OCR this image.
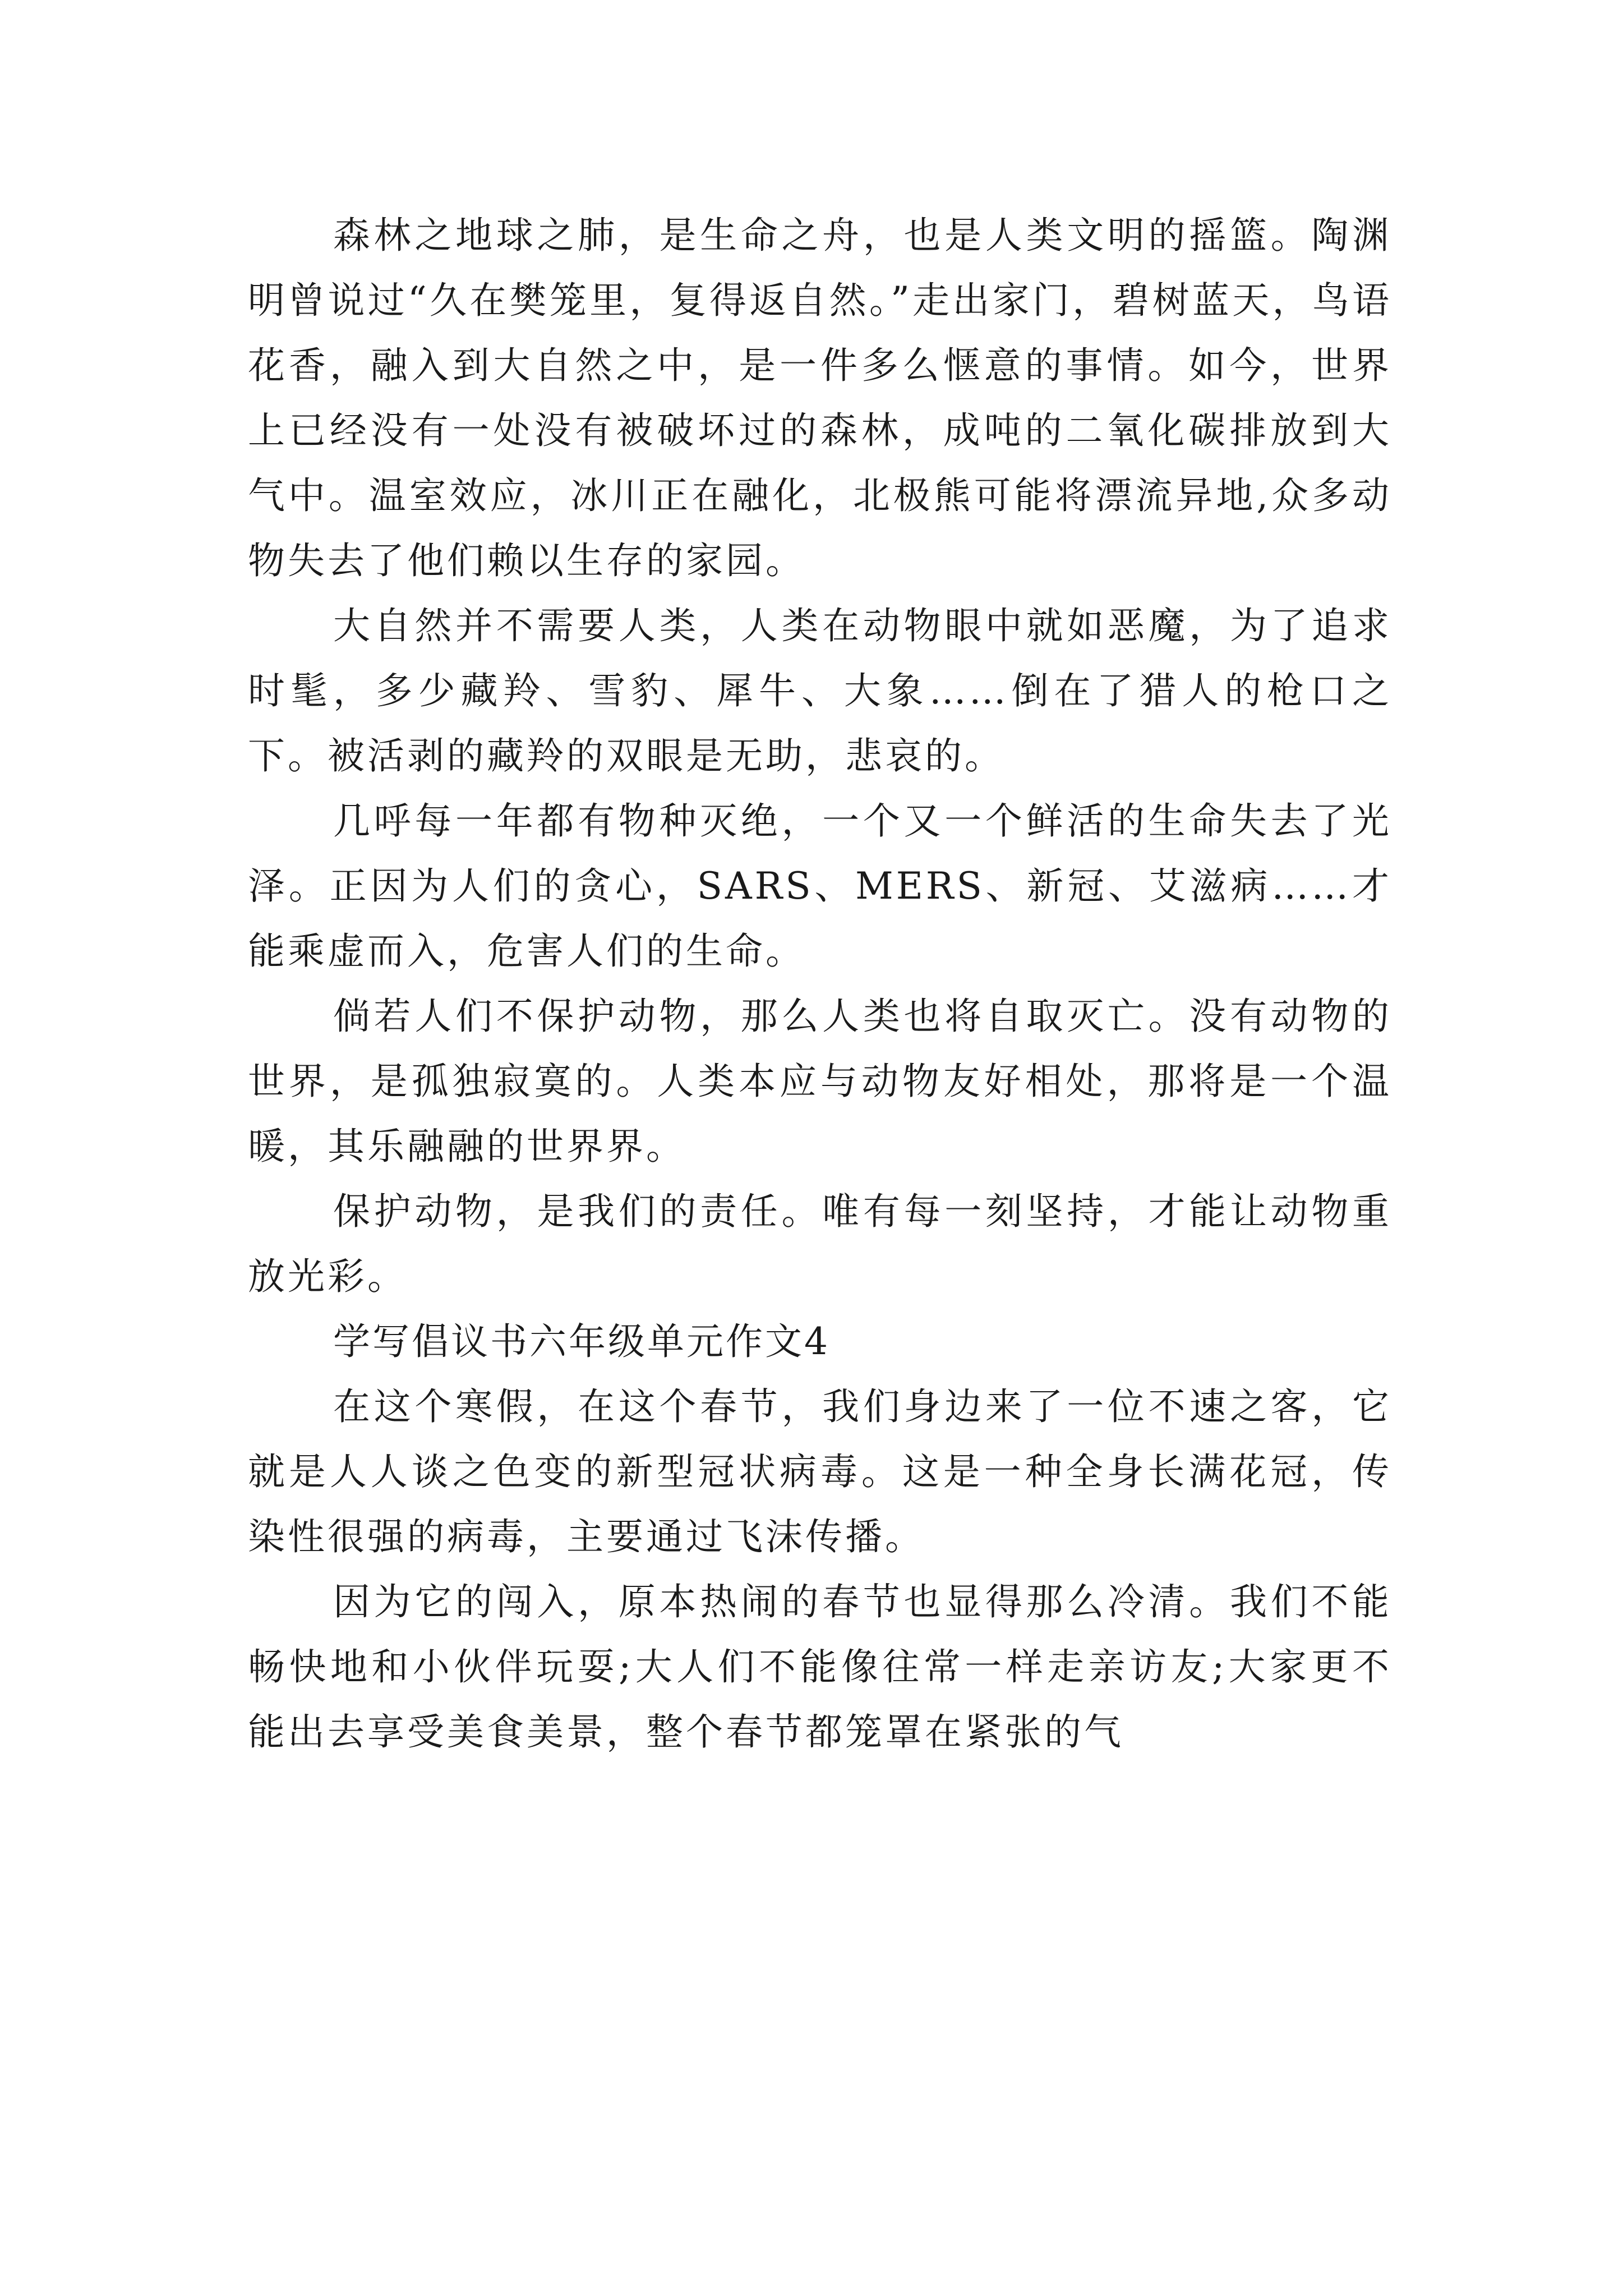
森林之地球之肺，是生命之舟，也是人类文明的摇篮。陶渊明曾说过“久在樊笼里，复得返自然。”走出家门，碧树蓝天，鸟语花香，融入到大自然之中，是一件多么惬意的事情。如今，世界上已经没有一处没有被破坏过的森林，成吨的二氧化碳排放到大气中。温室效应，冰川正在融化，北极熊可能将漂流异地,众多动物失去了他们赖以生存的家园。

大自然并不需要人类，人类在动物眼中就如恶魔，为了追求时髦，多少藏羚、雪豹、犀牛、大象……倒在了猎人的枪口之下。被活剥的藏羚的双眼是无助，悲哀的。

几呼每一年都有物种灭绝，一个又一个鲜活的生命失去了光泽。正因为人们的贪心，SARS、MERS、新冠、艾滋病……才能乘虚而入，危害人们的生命。

倘若人们不保护动物，那么人类也将自取灭亡。没有动物的世界，是孤独寂寞的。人类本应与动物友好相处，那将是一个温暖，其乐融融的世界界。

保护动物，是我们的责任。唯有每一刻坚持，才能让动物重放光彩。

学写倡议书六年级单元作文4

在这个寒假，在这个春节，我们身边来了一位不速之客，它就是人人谈之色变的新型冠状病毒。这是一种全身长满花冠，传染性很强的病毒，主要通过飞沫传播。

因为它的闯入，原本热闹的春节也显得那么冷清。我们不能畅快地和小伙伴玩耍;大人们不能像往常一样走亲访友;大家更不能出去享受美食美景，整个春节都笼罩在紧张的气
